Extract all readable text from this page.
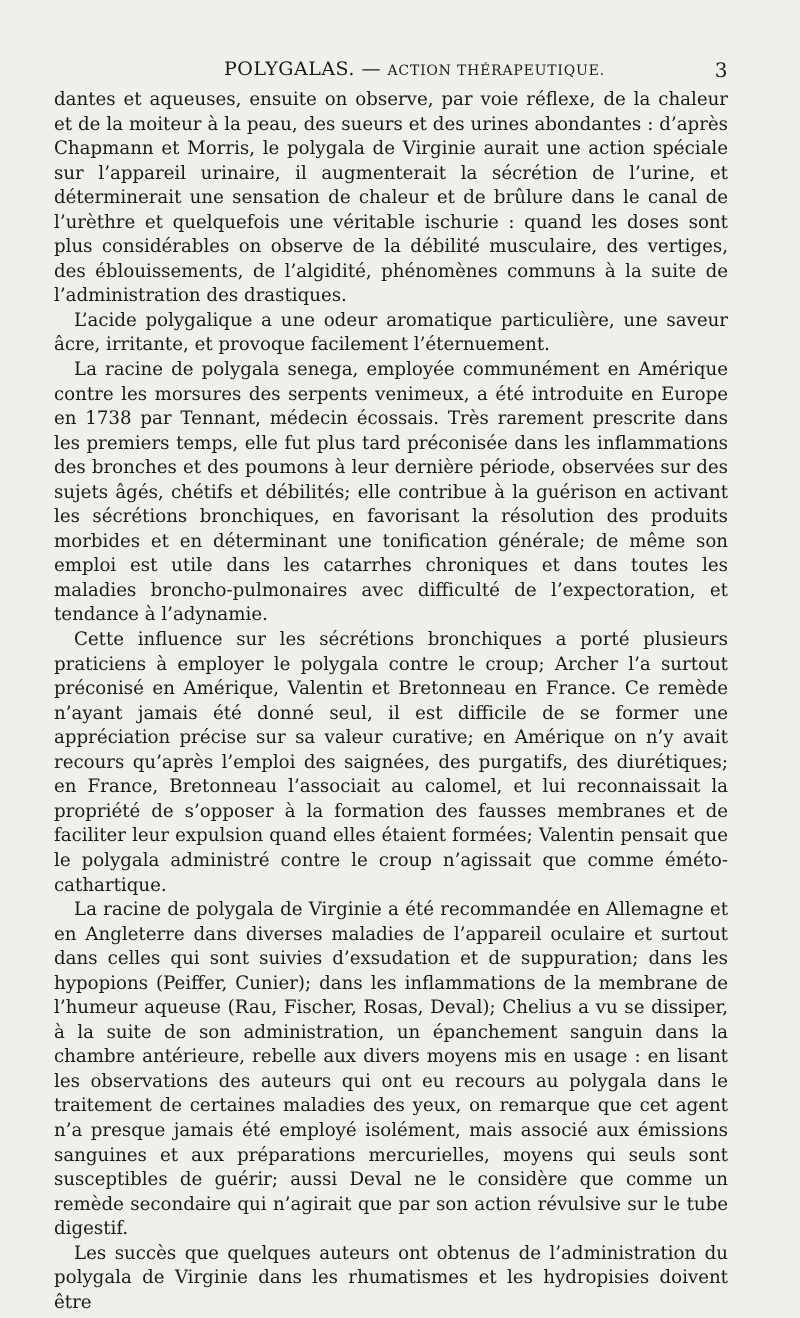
POLYGALAS. — ACTION THÉRAPEUTIQUE.	3

dantes et aqueuses, ensuite on observe, par voie réflexe, de la chaleur et de la moiteur à la peau, des sueurs et des urines abondantes : d’après Chapmann et Morris, le polygala de Virginie aurait une action spéciale sur l’appareil urinaire, il augmenterait la sécrétion de l’urine, et déterminerait une sensation de chaleur et de brûlure dans le canal de l’urèthre et quelquefois une véritable ischurie : quand les doses sont plus considérables on observe de la débilité musculaire, des vertiges, des éblouissements, de l’algidité, phénomènes communs à la suite de l’administration des drastiques.

L’acide polygalique a une odeur aromatique particulière, une saveur âcre, irritante, et provoque facilement l’éternuement.

La racine de polygala senega, employée communément en Amérique contre les morsures des serpents venimeux, a été introduite en Europe en 1738 par Tennant, médecin écossais. Très rarement prescrite dans les premiers temps, elle fut plus tard préconisée dans les inflammations des bronches et des poumons à leur dernière période, observées sur des sujets âgés, chétifs et débilités; elle contribue à la guérison en activant les sécrétions bronchiques, en favorisant la résolution des produits morbides et en déterminant une tonification générale; de même son emploi est utile dans les catarrhes chroniques et dans toutes les maladies broncho-pulmonaires avec difficulté de l’expectoration, et tendance à l’adynamie.

Cette influence sur les sécrétions bronchiques a porté plusieurs praticiens à employer le polygala contre le croup; Archer l’a surtout préconisé en Amérique, Valentin et Bretonneau en France. Ce remède n’ayant jamais été donné seul, il est difficile de se former une appréciation précise sur sa valeur curative; en Amérique on n’y avait recours qu’après l’emploi des saignées, des purgatifs, des diurétiques; en France, Bretonneau l’associait au calomel, et lui reconnaissait la propriété de s’opposer à la formation des fausses membranes et de faciliter leur expulsion quand elles étaient formées; Valentin pensait que le polygala administré contre le croup n’agissait que comme éméto-cathartique.

La racine de polygala de Virginie a été recommandée en Allemagne et en Angleterre dans diverses maladies de l’appareil oculaire et surtout dans celles qui sont suivies d’exsudation et de suppuration; dans les hypopions (Peiffer, Cunier); dans les inflammations de la membrane de l’humeur aqueuse (Rau, Fischer, Rosas, Deval); Chelius a vu se dissiper, à la suite de son administration, un épanchement sanguin dans la chambre antérieure, rebelle aux divers moyens mis en usage : en lisant les observations des auteurs qui ont eu recours au polygala dans le traitement de certaines maladies des yeux, on remarque que cet agent n’a presque jamais été employé isolément, mais associé aux émissions sanguines et aux préparations mercurielles, moyens qui seuls sont susceptibles de guérir; aussi Deval ne le considère que comme un remède secondaire qui n’agirait que par son action révulsive sur le tube digestif.

Les succès que quelques auteurs ont obtenus de l’administration du polygala de Virginie dans les rhumatismes et les hydropisies doivent être
